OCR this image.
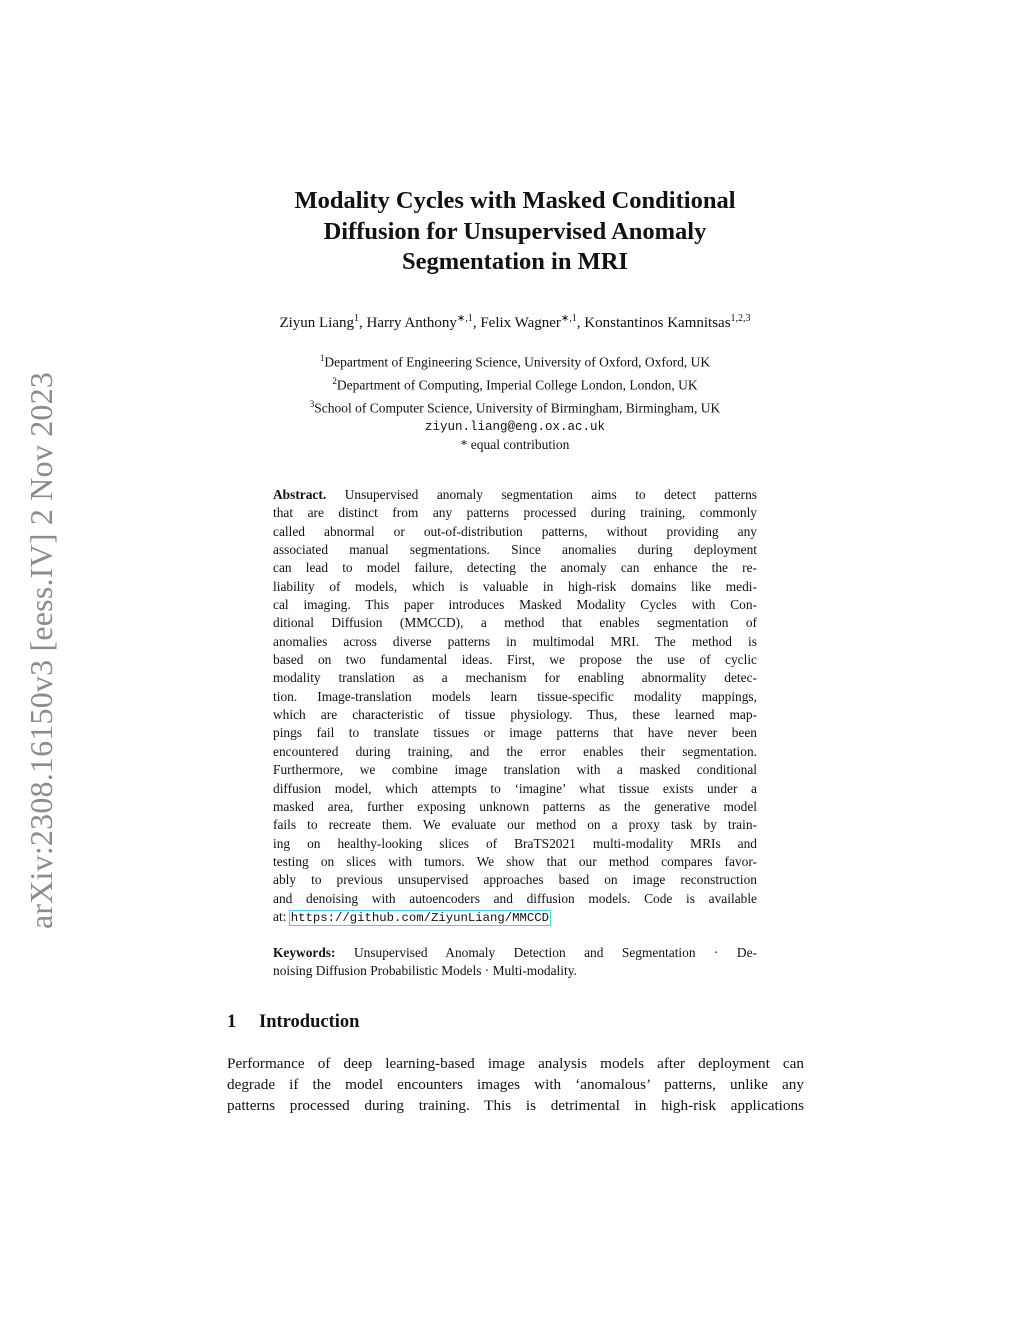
arXiv:2308.16150v3 [eess.IV] 2 Nov 2023
Modality Cycles with Masked Conditional
Diffusion for Unsupervised Anomaly
Segmentation in MRI
Ziyun Liang$^1$, Harry Anthony$^{∗,1}$, Felix Wagner$^{∗,1}$, Konstantinos Kamnitsas$^{1,2,3}$
$^1$Department of Engineering Science, University of Oxford, Oxford, UK
$^2$Department of Computing, Imperial College London, London, UK
$^3$School of Computer Science, University of Birmingham, Birmingham, UK
ziyun.liang@eng.ox.ac.uk
* equal contribution
Abstract. Unsupervised anomaly segmentation aims to detect patterns
that are distinct from any patterns processed during training, commonly
called abnormal or out-of-distribution patterns, without providing any
associated manual segmentations. Since anomalies during deployment
can lead to model failure, detecting the anomaly can enhance the re-
liability of models, which is valuable in high-risk domains like medi-
cal imaging. This paper introduces Masked Modality Cycles with Con-
ditional Diffusion (MMCCD), a method that enables segmentation of
anomalies across diverse patterns in multimodal MRI. The method is
based on two fundamental ideas. First, we propose the use of cyclic
modality translation as a mechanism for enabling abnormality detec-
tion. Image-translation models learn tissue-specific modality mappings,
which are characteristic of tissue physiology. Thus, these learned map-
pings fail to translate tissues or image patterns that have never been
encountered during training, and the error enables their segmentation.
Furthermore, we combine image translation with a masked conditional
diffusion model, which attempts to ‘imagine’ what tissue exists under a
masked area, further exposing unknown patterns as the generative model
fails to recreate them. We evaluate our method on a proxy task by train-
ing on healthy-looking slices of BraTS2021 multi-modality MRIs and
testing on slices with tumors. We show that our method compares favor-
ably to previous unsupervised approaches based on image reconstruction
and denoising with autoencoders and diffusion models. Code is available
at: https://github.com/ZiyunLiang/MMCCD
Keywords: Unsupervised Anomaly Detection and Segmentation · De-
noising Diffusion Probabilistic Models · Multi-modality.
1 Introduction
Performance of deep learning-based image analysis models after deployment can
degrade if the model encounters images with ‘anomalous’ patterns, unlike any
patterns processed during training. This is detrimental in high-risk applications
